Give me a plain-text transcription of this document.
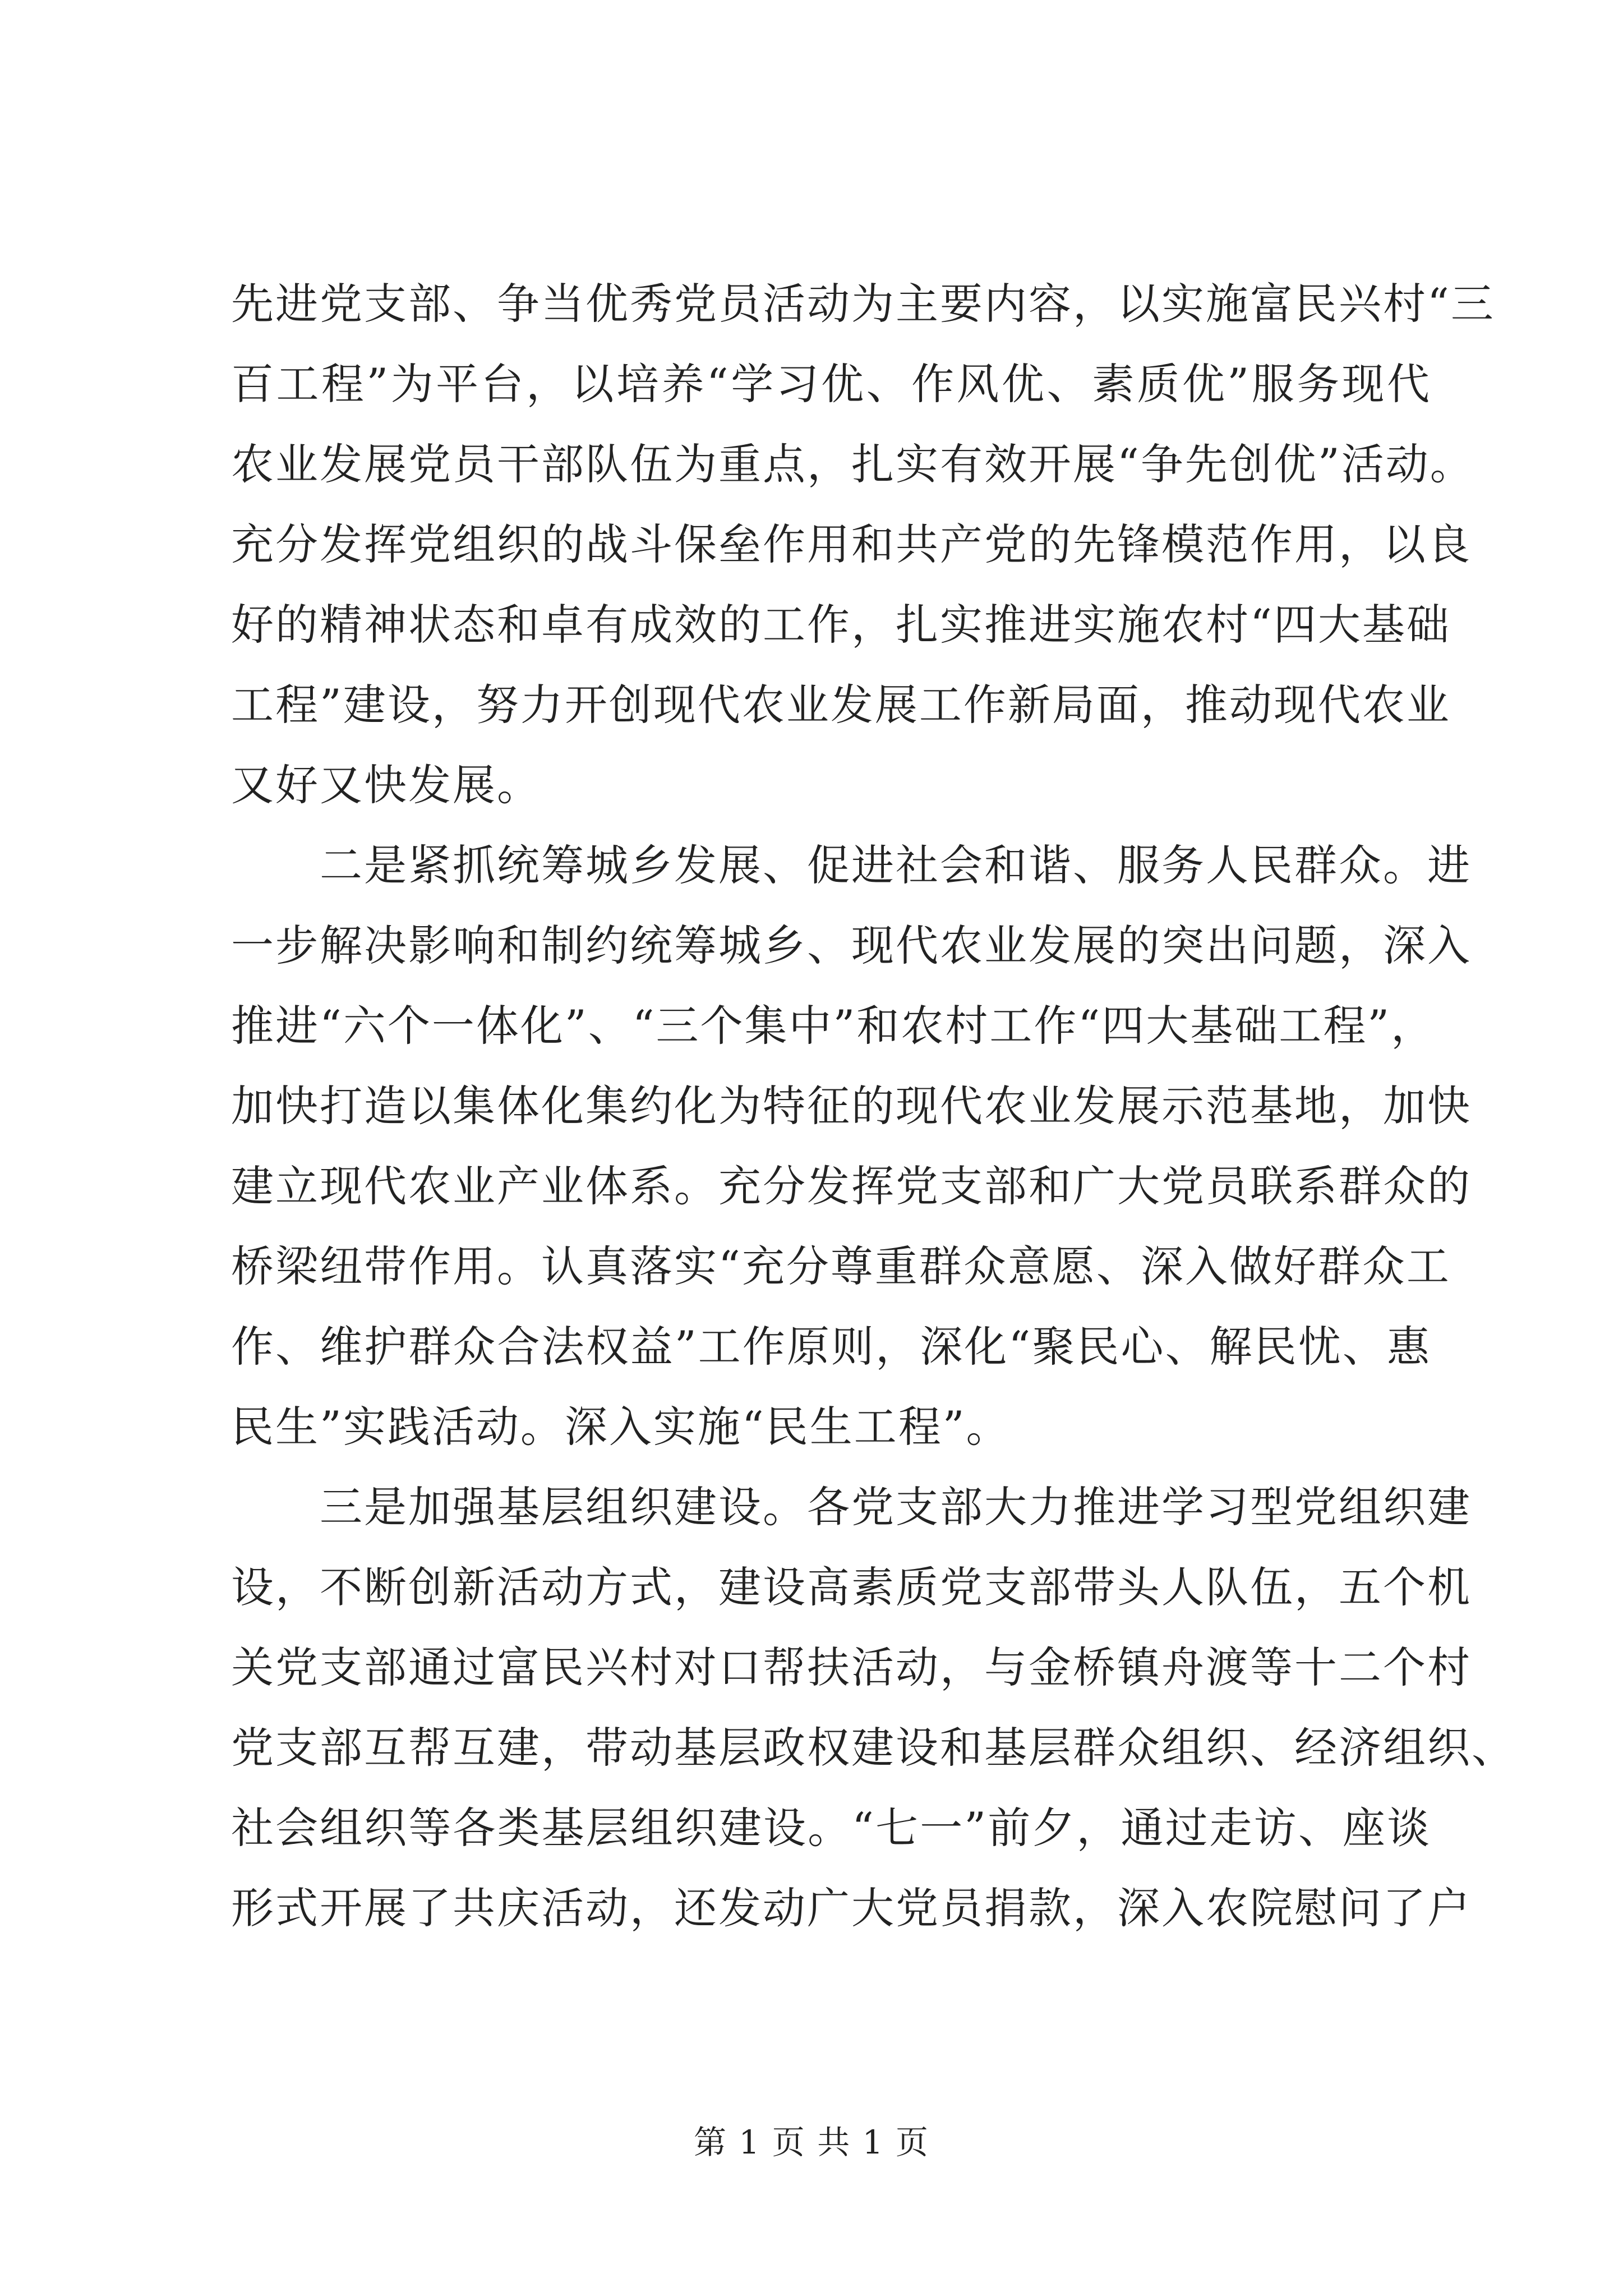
先进党支部、争当优秀党员活动为主要内容，以实施富民兴村“三
百工程”为平台，以培养“学习优、作风优、素质优”服务现代
农业发展党员干部队伍为重点，扎实有效开展“争先创优”活动。
充分发挥党组织的战斗保垒作用和共产党的先锋模范作用，以良
好的精神状态和卓有成效的工作，扎实推进实施农村“四大基础
工程”建设，努力开创现代农业发展工作新局面，推动现代农业
又好又快发展。
　　二是紧抓统筹城乡发展、促进社会和谐、服务人民群众。进
一步解决影响和制约统筹城乡、现代农业发展的突出问题，深入
推进“六个一体化”、“三个集中”和农村工作“四大基础工程”，
加快打造以集体化集约化为特征的现代农业发展示范基地，加快
建立现代农业产业体系。充分发挥党支部和广大党员联系群众的
桥梁纽带作用。认真落实“充分尊重群众意愿、深入做好群众工
作、维护群众合法权益”工作原则，深化“聚民心、解民忧、惠
民生”实践活动。深入实施“民生工程”。
　　三是加强基层组织建设。各党支部大力推进学习型党组织建
设，不断创新活动方式，建设高素质党支部带头人队伍，五个机
关党支部通过富民兴村对口帮扶活动，与金桥镇舟渡等十二个村
党支部互帮互建，带动基层政权建设和基层群众组织、经济组织、
社会组织等各类基层组织建设。“七一”前夕，通过走访、座谈
形式开展了共庆活动，还发动广大党员捐款，深入农院慰问了户
第 1 页 共 1 页
